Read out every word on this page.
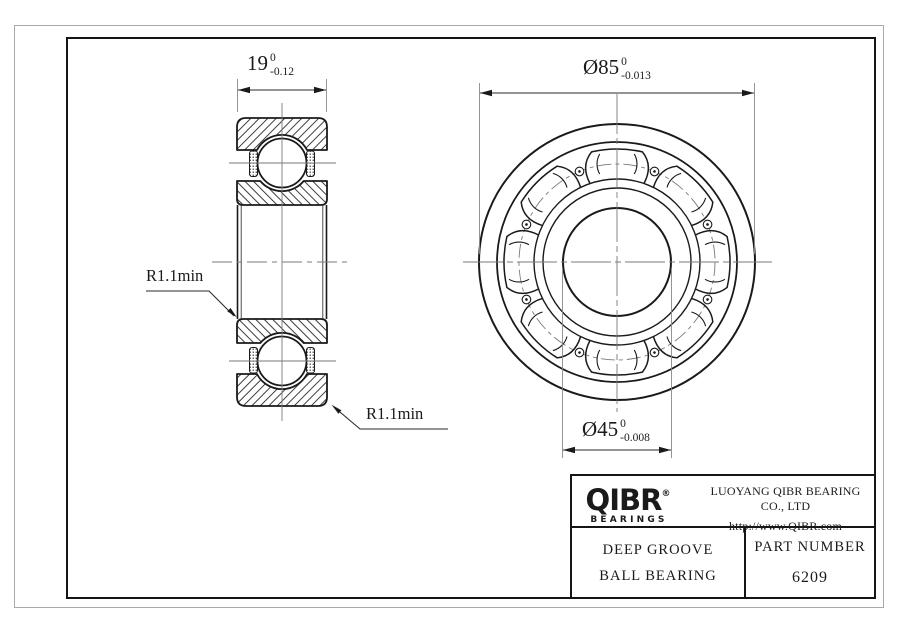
19 0
-0.12	Ø85 0
-0.013
Ø45 0
-0.008
R1.1min
R1.1min
QIBR®
BEARINGS
LUOYANG QIBR BEARING CO., LTD
http://www.QIBR.com
DEEP GROOVE
BALL BEARING
PART NUMBER
6209
